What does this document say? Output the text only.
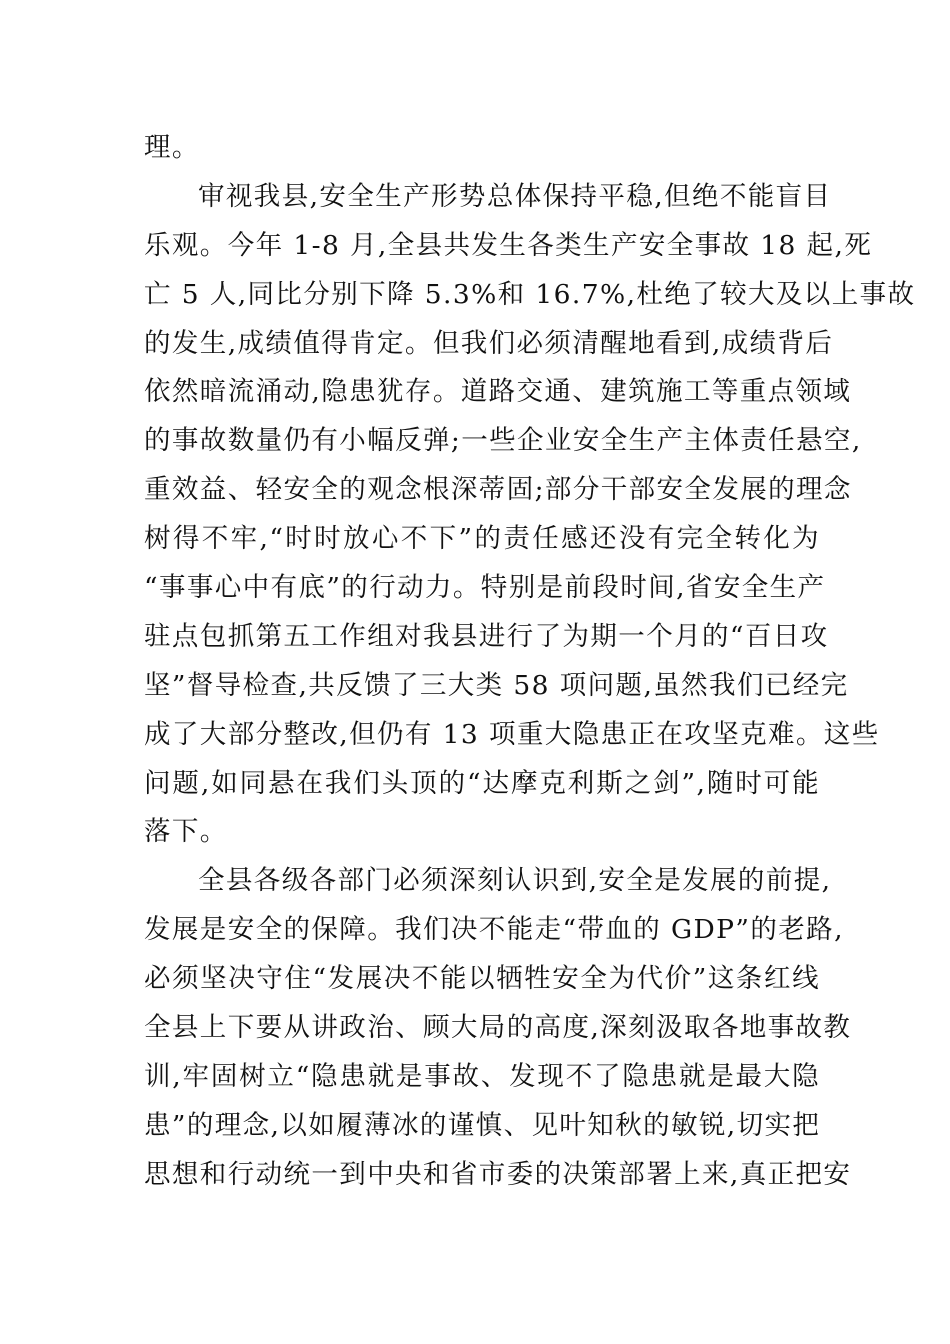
理。
审视我县,安全生产形势总体保持平稳,但绝不能盲目
乐观。今年 1-8 月,全县共发生各类生产安全事故 18 起,死
亡 5 人,同比分别下降 5.3%和 16.7%,杜绝了较大及以上事故
的发生,成绩值得肯定。但我们必须清醒地看到,成绩背后
依然暗流涌动,隐患犹存。道路交通、建筑施工等重点领域
的事故数量仍有小幅反弹;一些企业安全生产主体责任悬空,
重效益、轻安全的观念根深蒂固;部分干部安全发展的理念
树得不牢,“时时放心不下”的责任感还没有完全转化为
“事事心中有底”的行动力。特别是前段时间,省安全生产
驻点包抓第五工作组对我县进行了为期一个月的“百日攻
坚”督导检查,共反馈了三大类 58 项问题,虽然我们已经完
成了大部分整改,但仍有 13 项重大隐患正在攻坚克难。这些
问题,如同悬在我们头顶的“达摩克利斯之剑”,随时可能
落下。
全县各级各部门必须深刻认识到,安全是发展的前提,
发展是安全的保障。我们决不能走“带血的 GDP”的老路,
必须坚决守住“发展决不能以牺牲安全为代价”这条红线
全县上下要从讲政治、顾大局的高度,深刻汲取各地事故教
训,牢固树立“隐患就是事故、发现不了隐患就是最大隐
患”的理念,以如履薄冰的谨慎、见叶知秋的敏锐,切实把
思想和行动统一到中央和省市委的决策部署上来,真正把安
